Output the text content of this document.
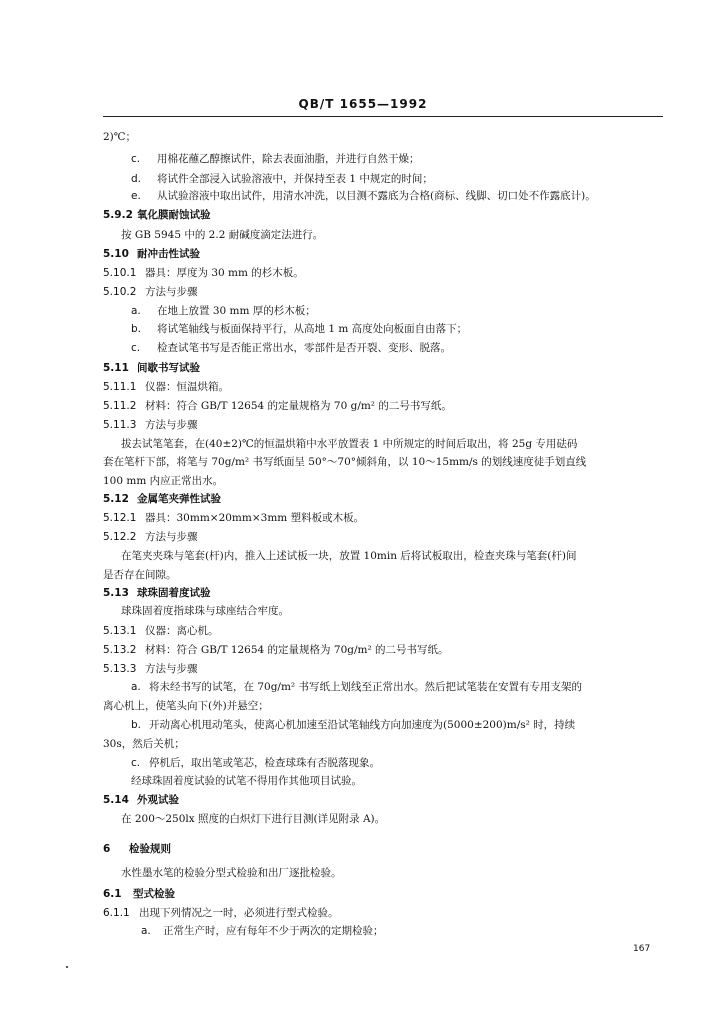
QB/T 1655—1992
2)℃；
c. 用棉花蘸乙醇擦试件，除去表面油脂，并进行自然干燥；
d. 将试件全部浸入试验溶液中，并保持至表 1 中规定的时间；
e. 从试验溶液中取出试件，用清水冲洗，以目测不露底为合格(商标、线脚、切口处不作露底计)。
5.9.2 氧化膜耐蚀试验
按 GB 5945 中的 2.2 耐碱度滴定法进行。
5.10 耐冲击性试验
5.10.1 器具：厚度为 30 mm 的杉木板。
5.10.2 方法与步骤
a. 在地上放置 30 mm 厚的杉木板；
b. 将试笔轴线与板面保持平行，从高地 1 m 高度处向板面自由落下；
c. 检查试笔书写是否能正常出水，零部件是否开裂、变形、脱落。
5.11 间歇书写试验
5.11.1 仪器：恒温烘箱。
5.11.2 材料：符合 GB/T 12654 的定量规格为 70 g/m² 的二号书写纸。
5.11.3 方法与步骤
拔去试笔笔套，在(40±2)℃的恒温烘箱中水平放置表 1 中所规定的时间后取出，将 25g 专用砝码
套在笔杆下部，将笔与 70g/m² 书写纸面呈 50°～70°倾斜角，以 10～15mm/s 的划线速度徒手划直线
100 mm 内应正常出水。
5.12 金属笔夹弹性试验
5.12.1 器具：30mm×20mm×3mm 塑料板或木板。
5.12.2 方法与步骤
在笔夹夹珠与笔套(杆)内，推入上述试板一块，放置 10min 后将试板取出，检查夹珠与笔套(杆)间
是否存在间隙。
5.13 球珠固着度试验
球珠固着度指球珠与球座结合牢度。
5.13.1 仪器：离心机。
5.13.2 材料：符合 GB/T 12654 的定量规格为 70g/m² 的二号书写纸。
5.13.3 方法与步骤
a. 将未经书写的试笔，在 70g/m² 书写纸上划线至正常出水。然后把试笔装在安置有专用支架的
离心机上，使笔头向下(外)并悬空；
b. 开动离心机甩动笔头，使离心机加速至沿试笔轴线方向加速度为(5000±200)m/s² 时，持续
30s，然后关机；
c. 停机后，取出笔或笔芯，检查球珠有否脱落现象。
经球珠固着度试验的试笔不得用作其他项目试验。
5.14 外观试验
在 200～250lx 照度的白炽灯下进行目测(详见附录 A)。
6 检验规则
水性墨水笔的检验分型式检验和出厂逐批检验。
6.1 型式检验
6.1.1 出现下列情况之一时，必须进行型式检验。
a. 正常生产时，应有每年不少于两次的定期检验；
167
